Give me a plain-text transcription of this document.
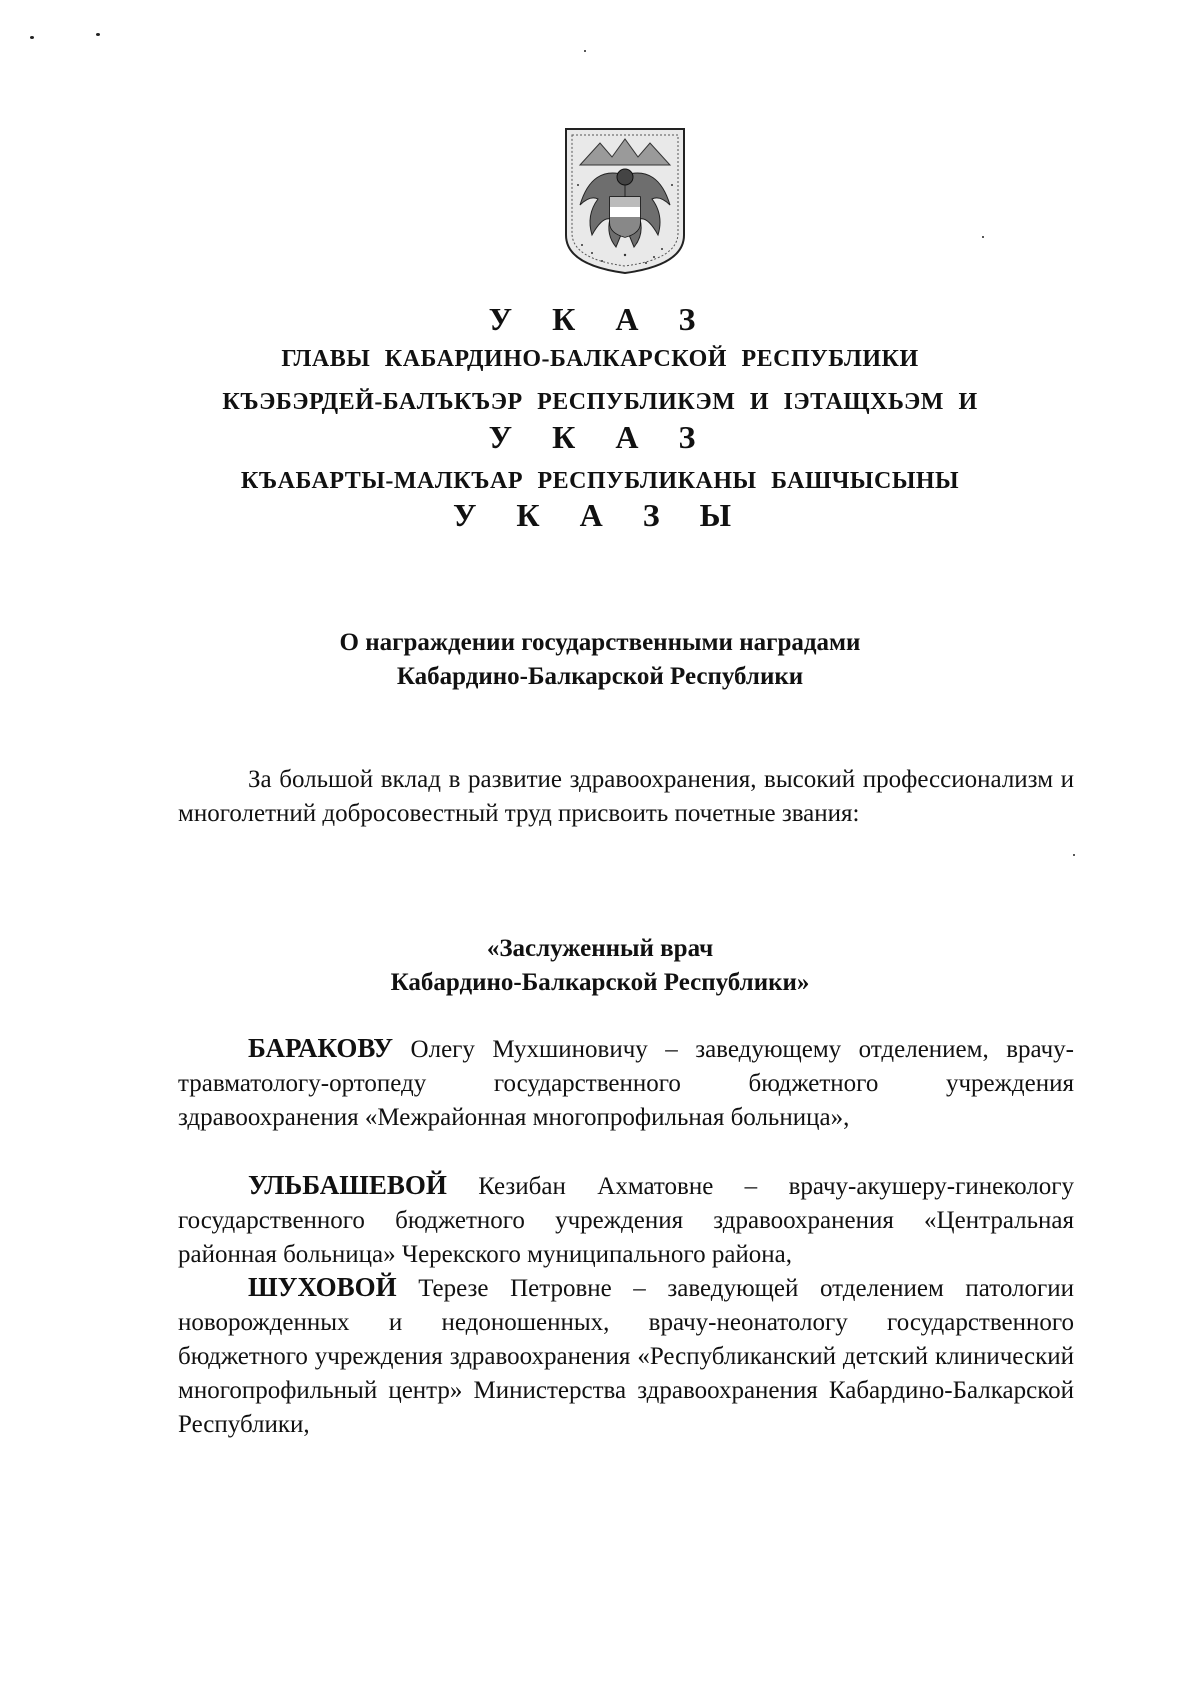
У К А З
ГЛАВЫ КАБАРДИНО-БАЛКАРСКОЙ РЕСПУБЛИКИ
КЪЭБЭРДЕЙ-БАЛЪКЪЭР РЕСПУБЛИКЭМ И ІЭТАЩХЬЭМ И
У К А З
КЪАБАРТЫ-МАЛКЪАР РЕСПУБЛИКАНЫ БАШЧЫСЫНЫ
У К А З Ы
О награждении государственными наградами
Кабардино-Балкарской Республики
За большой вклад в развитие здравоохранения, высокий профессионализм и многолетний добросовестный труд присвоить почетные звания:
«Заслуженный врач
Кабардино-Балкарской Республики»
БАРАКОВУ Олегу Мухшиновичу – заведующему отделением, врачу-травматологу-ортопеду государственного бюджетного учреждения здравоохранения «Межрайонная многопрофильная больница»,
УЛЬБАШЕВОЙ Кезибан Ахматовне – врачу-акушеру-гинекологу государственного бюджетного учреждения здравоохранения «Центральная районная больница» Черекского муниципального района,
ШУХОВОЙ Терезе Петровне – заведующей отделением патологии новорожденных и недоношенных, врачу-неонатологу государственного бюджетного учреждения здравоохранения «Республиканский детский клинический многопрофильный центр» Министерства здравоохранения Кабардино-Балкарской Республики,
